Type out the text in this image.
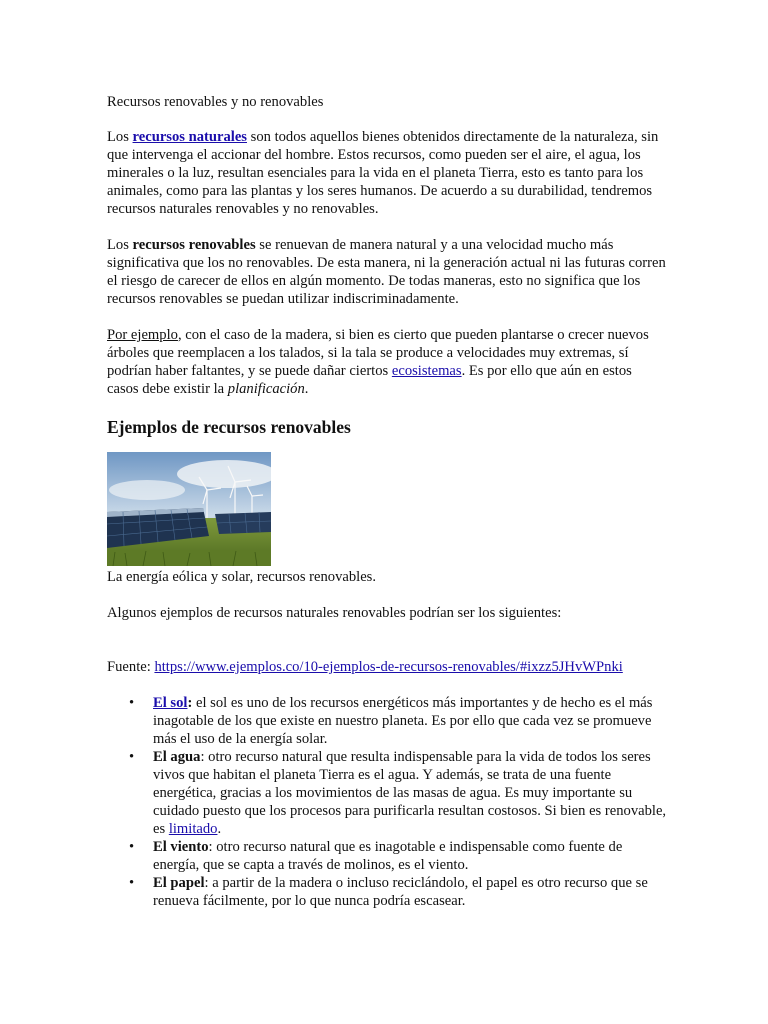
Recursos renovables y no renovables

Los recursos naturales son todos aquellos bienes obtenidos directamente de la naturaleza, sin que intervenga el accionar del hombre. Estos recursos, como pueden ser el aire, el agua, los minerales o la luz, resultan esenciales para la vida en el planeta Tierra, esto es tanto para los animales, como para las plantas y los seres humanos. De acuerdo a su durabilidad, tendremos recursos naturales renovables y no renovables.

Los recursos renovables se renuevan de manera natural y a una velocidad mucho más significativa que los no renovables. De esta manera, ni la generación actual ni las futuras corren el riesgo de carecer de ellos en algún momento. De todas maneras, esto no significa que los recursos renovables se puedan utilizar indiscriminadamente.

Por ejemplo, con el caso de la madera, si bien es cierto que pueden plantarse o crecer nuevos árboles que reemplacen a los talados, si la tala se produce a velocidades muy extremas, sí podrían haber faltantes, y se puede dañar ciertos ecosistemas. Es por ello que aún en estos casos debe existir la planificación.

Ejemplos de recursos renovables

La energía eólica y solar, recursos renovables.

Algunos ejemplos de recursos naturales renovables podrían ser los siguientes:

Fuente: https://www.ejemplos.co/10-ejemplos-de-recursos-renovables/#ixzz5JHvWPnki

• El sol: el sol es uno de los recursos energéticos más importantes y de hecho es el más inagotable de los que existe en nuestro planeta. Es por ello que cada vez se promueve más el uso de la energía solar.
• El agua: otro recurso natural que resulta indispensable para la vida de todos los seres vivos que habitan el planeta Tierra es el agua. Y además, se trata de una fuente energética, gracias a los movimientos de las masas de agua. Es muy importante su cuidado puesto que los procesos para purificarla resultan costosos. Si bien es renovable, es limitado.
• El viento: otro recurso natural que es inagotable e indispensable como fuente de energía, que se capta a través de molinos, es el viento.
• El papel: a partir de la madera o incluso reciclándolo, el papel es otro recurso que se renueva fácilmente, por lo que nunca podría escasear.
